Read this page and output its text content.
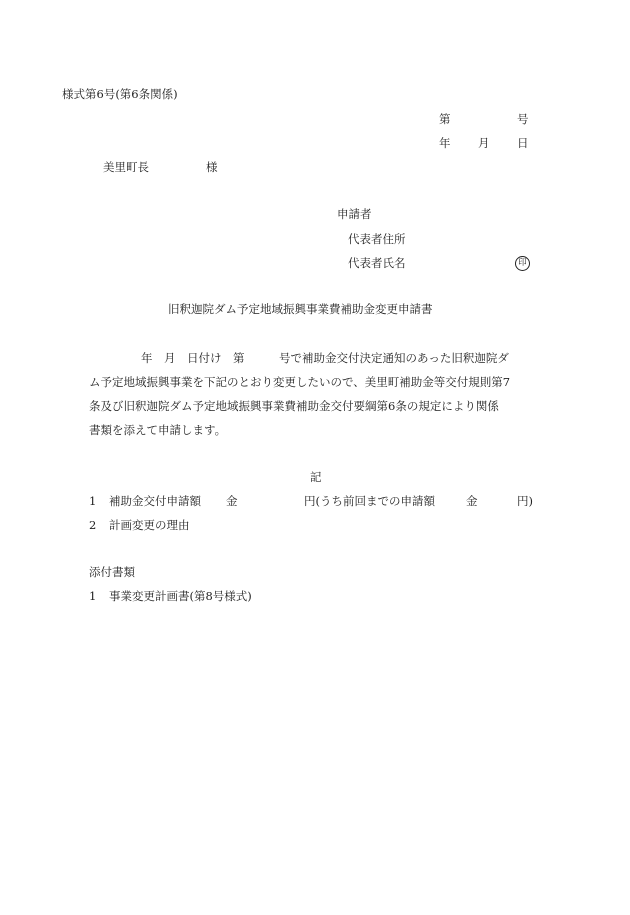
様式第6号(第6条関係)
第	号
年 月 日
美里町長	様
申請者
代表者住所
代表者氏名	印
旧釈迦院ダム予定地域振興事業費補助金変更申請書
年　月　日付け　第　　　号で補助金交付決定通知のあった旧釈迦院ダ
ム予定地域振興事業を下記のとおり変更したいので、美里町補助金等交付規則第7
条及び旧釈迦院ダム予定地域振興事業費補助金交付要綱第6条の規定により関係
書類を添えて申請します。
記
1 補助金交付申請額 金	円(うち前回までの申請額	金	円)
2 計画変更の理由
添付書類
1 事業変更計画書(第8号様式)
